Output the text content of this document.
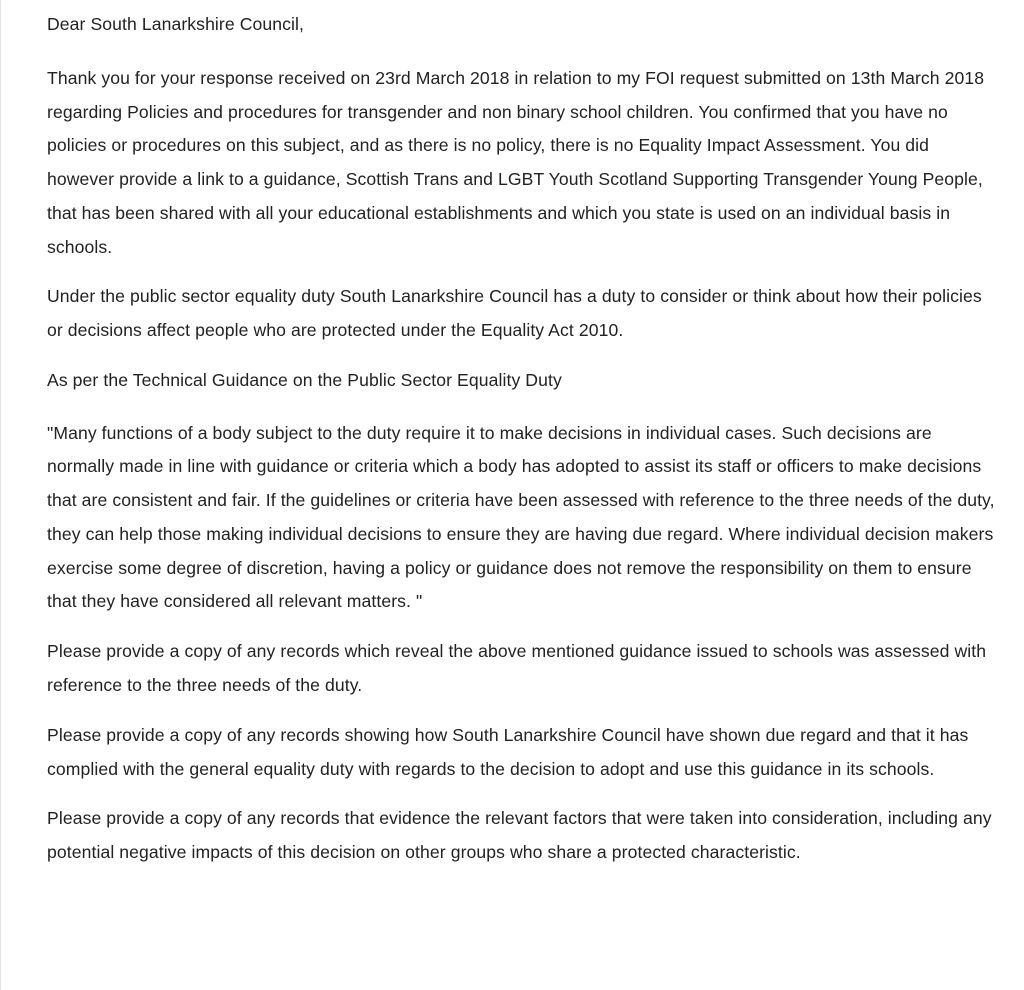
Dear South Lanarkshire Council,

Thank you for your response received on 23rd March 2018 in relation to my FOI request submitted on 13th March 2018 regarding Policies and procedures for transgender and non binary school children. You confirmed that you have no policies or procedures on this subject, and as there is no policy, there is no Equality Impact Assessment. You did however provide a link to a guidance, Scottish Trans and LGBT Youth Scotland Supporting Transgender Young People, that has been shared with all your educational establishments and which you state is used on an individual basis in schools.

Under the public sector equality duty South Lanarkshire Council has a duty to consider or think about how their policies or decisions affect people who are protected under the Equality Act 2010.

As per the Technical Guidance on the Public Sector Equality Duty

"Many functions of a body subject to the duty require it to make decisions in individual cases. Such decisions are normally made in line with guidance or criteria which a body has adopted to assist its staff or officers to make decisions that are consistent and fair. If the guidelines or criteria have been assessed with reference to the three needs of the duty, they can help those making individual decisions to ensure they are having due regard. Where individual decision makers exercise some degree of discretion, having a policy or guidance does not remove the responsibility on them to ensure that they have considered all relevant matters. "

Please provide a copy of any records which reveal the above mentioned guidance issued to schools was assessed with reference to the three needs of the duty.

Please provide a copy of any records showing how South Lanarkshire Council have shown due regard and that it has complied with the general equality duty with regards to the decision to adopt and use this guidance in its schools.

Please provide a copy of any records that evidence the relevant factors that were taken into consideration, including any potential negative impacts of this decision on other groups who share a protected characteristic.
